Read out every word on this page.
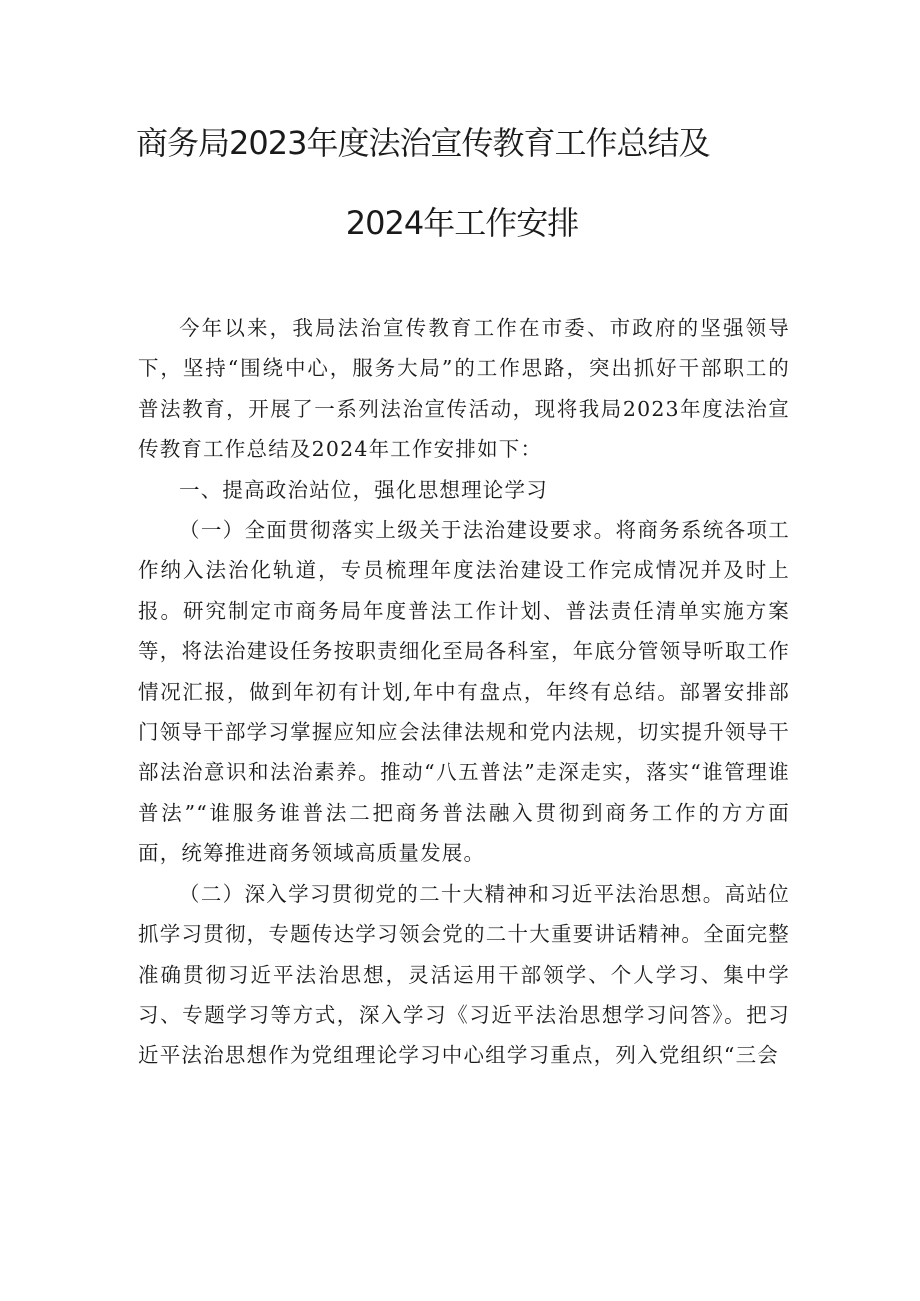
商务局2023年度法治宣传教育工作总结及
2024年工作安排

今年以来，我局法治宣传教育工作在市委、市政府的坚强领导下，坚持“围绕中心，服务大局”的工作思路，突出抓好干部职工的普法教育，开展了一系列法治宣传活动，现将我局2023年度法治宣传教育工作总结及2024年工作安排如下：

一、提高政治站位，强化思想理论学习

（一）全面贯彻落实上级关于法治建设要求。将商务系统各项工作纳入法治化轨道，专员梳理年度法治建设工作完成情况并及时上报。研究制定市商务局年度普法工作计划、普法责任清单实施方案等，将法治建设任务按职责细化至局各科室，年底分管领导听取工作情况汇报，做到年初有计划,年中有盘点，年终有总结。部署安排部门领导干部学习掌握应知应会法律法规和党内法规，切实提升领导干部法治意识和法治素养。推动“八五普法”走深走实，落实“谁管理谁普法”“谁服务谁普法二把商务普法融入贯彻到商务工作的方方面面，统筹推进商务领域高质量发展。

（二）深入学习贯彻党的二十大精神和习近平法治思想。高站位抓学习贯彻，专题传达学习领会党的二十大重要讲话精神。全面完整准确贯彻习近平法治思想，灵活运用干部领学、个人学习、集中学习、专题学习等方式，深入学习《习近平法治思想学习问答》。把习近平法治思想作为党组理论学习中心组学习重点，列入党组织“三会
